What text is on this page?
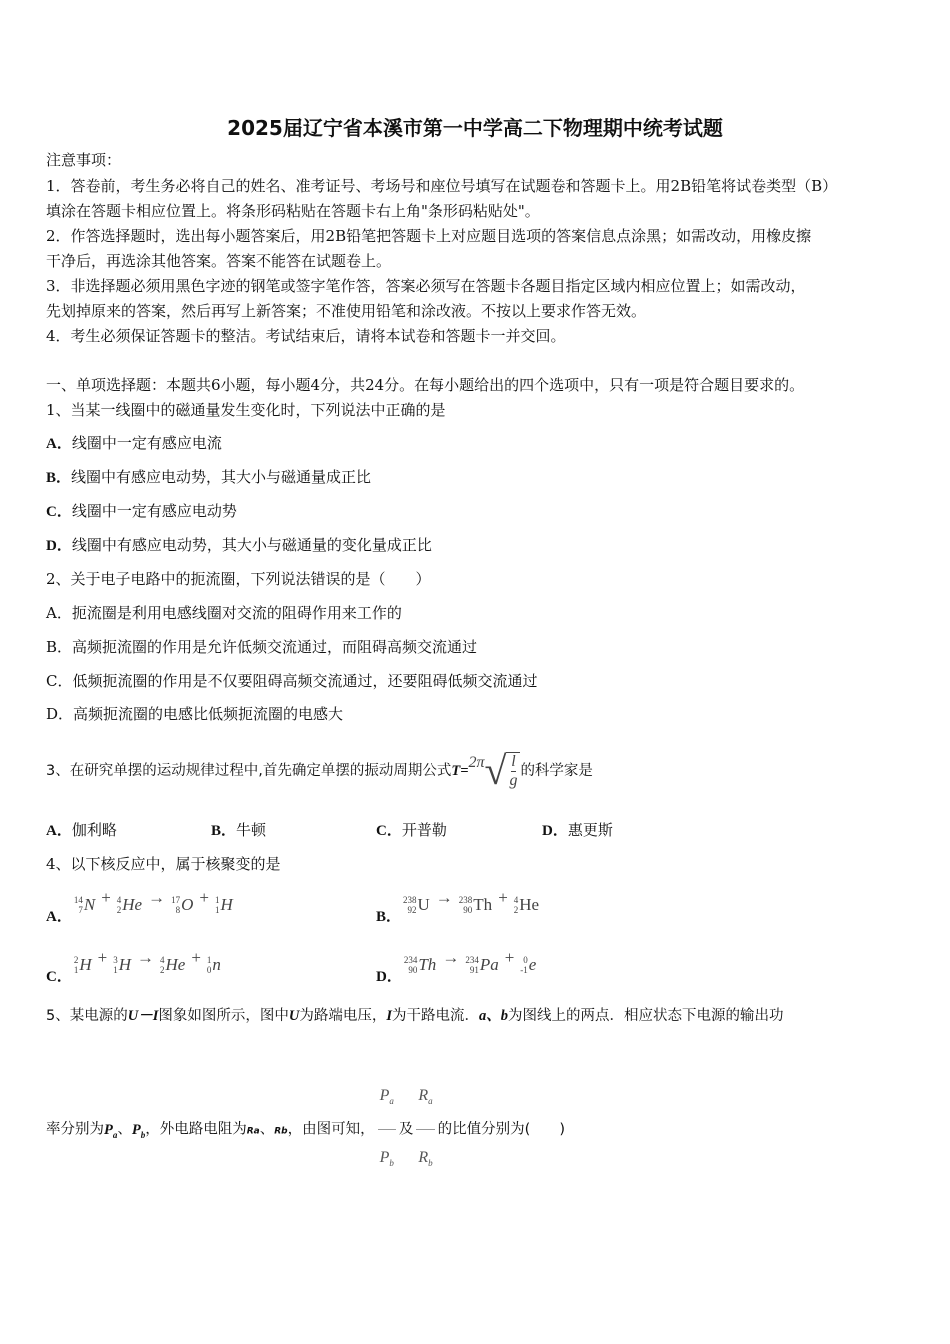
2025届辽宁省本溪市第一中学高二下物理期中统考试题
注意事项：
1．答卷前，考生务必将自己的姓名、准考证号、考场号和座位号填写在试题卷和答题卡上。用2B铅笔将试卷类型（B）
填涂在答题卡相应位置上。将条形码粘贴在答题卡右上角"条形码粘贴处"。
2．作答选择题时，选出每小题答案后，用2B铅笔把答题卡上对应题目选项的答案信息点涂黑；如需改动，用橡皮擦
干净后，再选涂其他答案。答案不能答在试题卷上。
3．非选择题必须用黑色字迹的钢笔或签字笔作答，答案必须写在答题卡各题目指定区域内相应位置上；如需改动，
先划掉原来的答案，然后再写上新答案；不准使用铅笔和涂改液。不按以上要求作答无效。
4．考生必须保证答题卡的整洁。考试结束后，请将本试卷和答题卡一并交回。
一、单项选择题：本题共6小题，每小题4分，共24分。在每小题给出的四个选项中，只有一项是符合题目要求的。
1、当某一线圈中的磁通量发生变化时，下列说法中正确的是
A．线圈中一定有感应电流
B．线圈中有感应电动势，其大小与磁通量成正比
C．线圈中一定有感应电动势
D．线圈中有感应电动势，其大小与磁通量的变化量成正比
2、关于电子电路中的扼流圈，下列说法错误的是（　　）
A．扼流圈是利用电感线圈对交流的阻碍作用来工作的
B．高频扼流圈的作用是允许低频交流通过，而阻碍高频交流通过
C．低频扼流圈的作用是不仅要阻碍高频交流通过，还要阻碍低频交流通过
D．高频扼流圈的电感比低频扼流圈的电感大
3、在研究单摆的运动规律过程中,首先确定单摆的振动周期公式T= 2π √ $\frac{l}{g}$ 的科学家是
A．伽利略	B．牛顿	C．开普勒	D．惠更斯
4、以下核反应中，属于核聚变的是
A．
14
7 N + 4
2 He → 17
8 O + 1
1 H
B．
238
92 U → 238
90 Th + 4
2 He
C．
2
1 H + 3
1 H → 4
2 He + 1
0 n
D．
234
90 Th → 234
91 Pa +	0
-1 e
5、某电源的U－I图象如图所示，图中U为路端电压，I为干路电流．a、b为图线上的两点．相应状态下电源的输出功
率分别为$P_a$、$P_b$，外电路电阻为Ra、Rb，由图可知， $\frac{P_a}{P_b}$ 及 $\frac{R_a}{R_b}$ 的比值分别为(　　)
